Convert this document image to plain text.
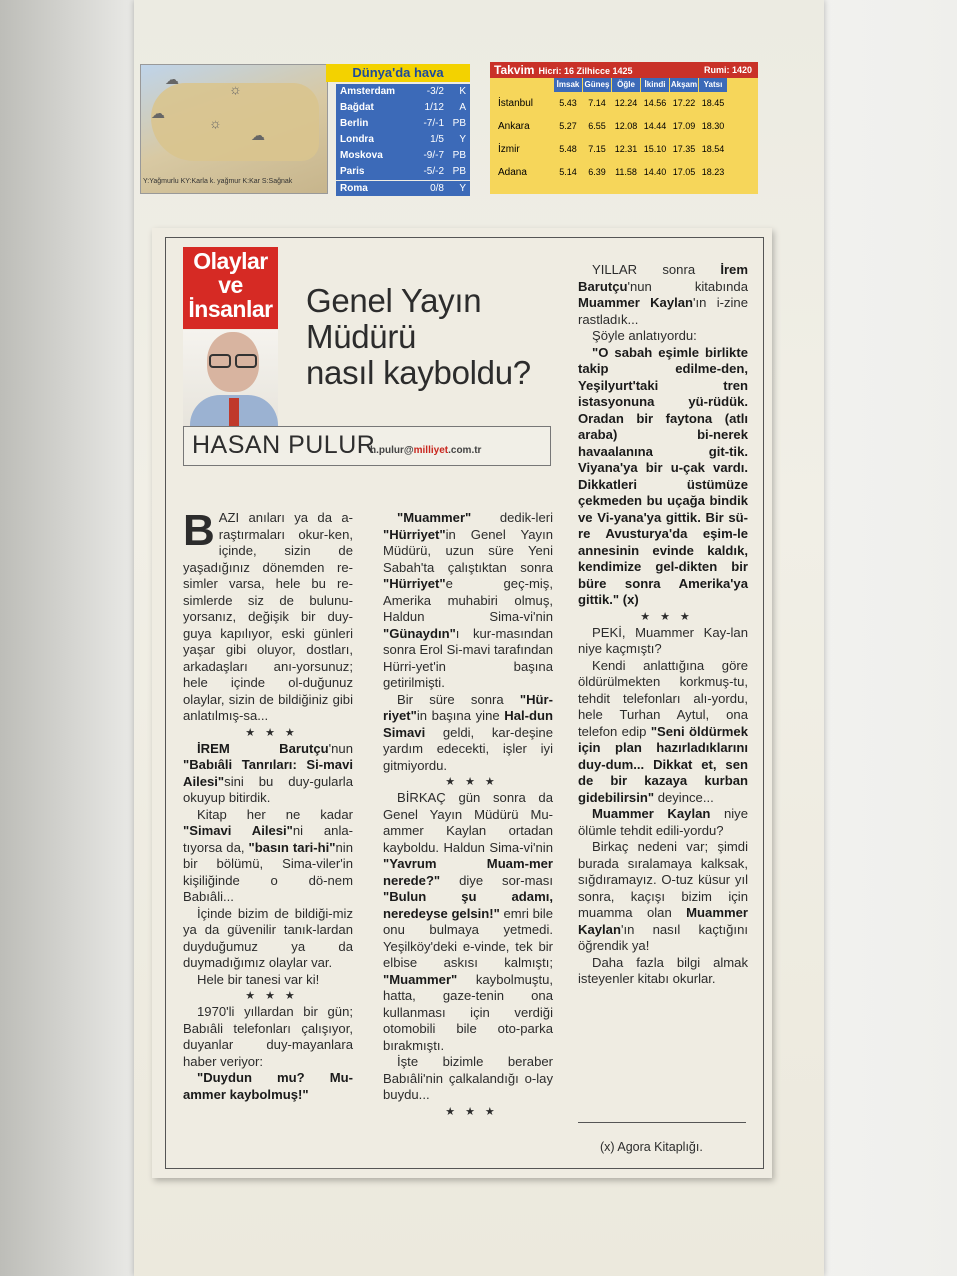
☁
☼
☁
☼
☁
Y:Yağmurlu KY:Karla k. yağmur K:Kar S:Sağnak
Dünya'da hava
Amsterdam	-3/2	K
Bağdat	1/12	A
Berlin	-7/-1 PB
Londra	1/5	Y
Moskova	-9/-7 PB
Paris	-5/-2 PB
Roma	0/8	Y
Takvim Hicri: 16 Zilhicce 1425	Rumi: 1420
İmsak Güneş Öğle	İkindi Akşam Yatsı
İstanbul	5.43	7.14 12.24 14.56 17.22 18.45
Ankara	5.27	6.55 12.08 14.44 17.09 18.30
İzmir	5.48	7.15 12.31 15.10 17.35 18.54
Adana	5.14	6.39	11.58 14.40 17.05 18.23
Olaylar
ve
İnsanlar Genel Yayın
Müdürü
nasıl kayboldu?
HASAN PULUR
h.pulur@milliyet.com.tr

BAZI anıları ya da a-raştırmaları okur-ken, içinde, sizin de yaşadığınız dönemden re-simler varsa, hele bu re-simlerde siz de bulunu-yorsanız, değişik bir duy-guya kapılıyor, eski günleri yaşar gibi oluyor, dostları, arkadaşları anı-yorsunuz; hele içinde ol-duğunuz olaylar, sizin de bildiğiniz gibi anlatılmış-sa...

★★★

İREM Barutçu'nun "Babıâli Tanrıları: Si-mavi Ailesi"sini bu duy-gularla okuyup bitirdik.

Kitap her ne kadar "Simavi Ailesi"ni anla-tıyorsa da, "basın tari-hi"nin bir bölümü, Sima-viler'in kişiliğinde o dö-nem Babıâli...

İçinde bizim de bildiği-miz ya da güvenilir tanık-lardan duyduğumuz ya da duymadığımız olaylar var.

Hele bir tanesi var ki!

★★★

1970'li yıllardan bir gün; Babıâli telefonları çalışıyor, duyanlar duy-mayanlara haber veriyor:

"Duydun mu? Mu-ammer kaybolmuş!"

"Muammer" dedik-leri "Hürriyet"in Genel Yayın Müdürü, uzun süre Yeni Sabah'ta çalıştıktan sonra "Hürriyet"e geç-miş, Amerika muhabiri olmuş, Haldun Sima-vi'nin "Günaydın"ı kur-masından sonra Erol Si-mavi tarafından Hürri-yet'in başına getirilmişti.

Bir süre sonra "Hür-riyet"in başına yine Hal-dun Simavi geldi, kar-deşine yardım edecekti, işler iyi gitmiyordu.

★★★

BİRKAÇ gün sonra da Genel Yayın Müdürü Mu-ammer Kaylan ortadan kayboldu. Haldun Sima-vi'nin "Yavrum Muam-mer nerede?" diye sor-ması "Bulun şu adamı, neredeyse gelsin!" emri bile onu bulmaya yetmedi. Yeşilköy'deki e-vinde, tek bir elbise askısı kalmıştı; "Muammer" kaybolmuştu, hatta, gaze-tenin ona kullanması için verdiği otomobili bile oto-parka bırakmıştı.

İşte bizimle beraber Babıâli'nin çalkalandığı o-lay buydu...

★★★

YILLAR sonra İrem Barutçu'nun kitabında Muammer Kaylan'ın i-zine rastladık...

Şöyle anlatıyordu:

"O sabah eşimle birlikte takip edilme-den, Yeşilyurt'taki tren istasyonuna yü-rüdük. Oradan bir faytona (atlı araba) bi-nerek havaalanına git-tik. Viyana'ya bir u-çak vardı. Dikkatleri üstümüze çekmeden bu uçağa bindik ve Vi-yana'ya gittik. Bir sü-re Avusturya'da eşim-le annesinin evinde kaldık, kendimize gel-dikten bir büre sonra Amerika'ya gittik." (x)

★★★

PEKİ, Muammer Kay-lan niye kaçmıştı?

Kendi anlattığına göre öldürülmekten korkmuş-tu, tehdit telefonları alı-yordu, hele Turhan Aytul, ona telefon edip "Seni öldürmek için plan hazırladıklarını duy-dum... Dikkat et, sen de bir kazaya kurban gidebilirsin" deyince...

Muammer Kaylan niye ölümle tehdit edili-yordu?

Birkaç nedeni var; şimdi burada sıralamaya kalksak, sığdıramayız. O-tuz küsur yıl sonra, kaçışı bizim için muamma olan Muammer Kaylan'ın nasıl kaçtığını öğrendik ya!

Daha fazla bilgi almak isteyenler kitabı okurlar.

(x) Agora Kitaplığı.
